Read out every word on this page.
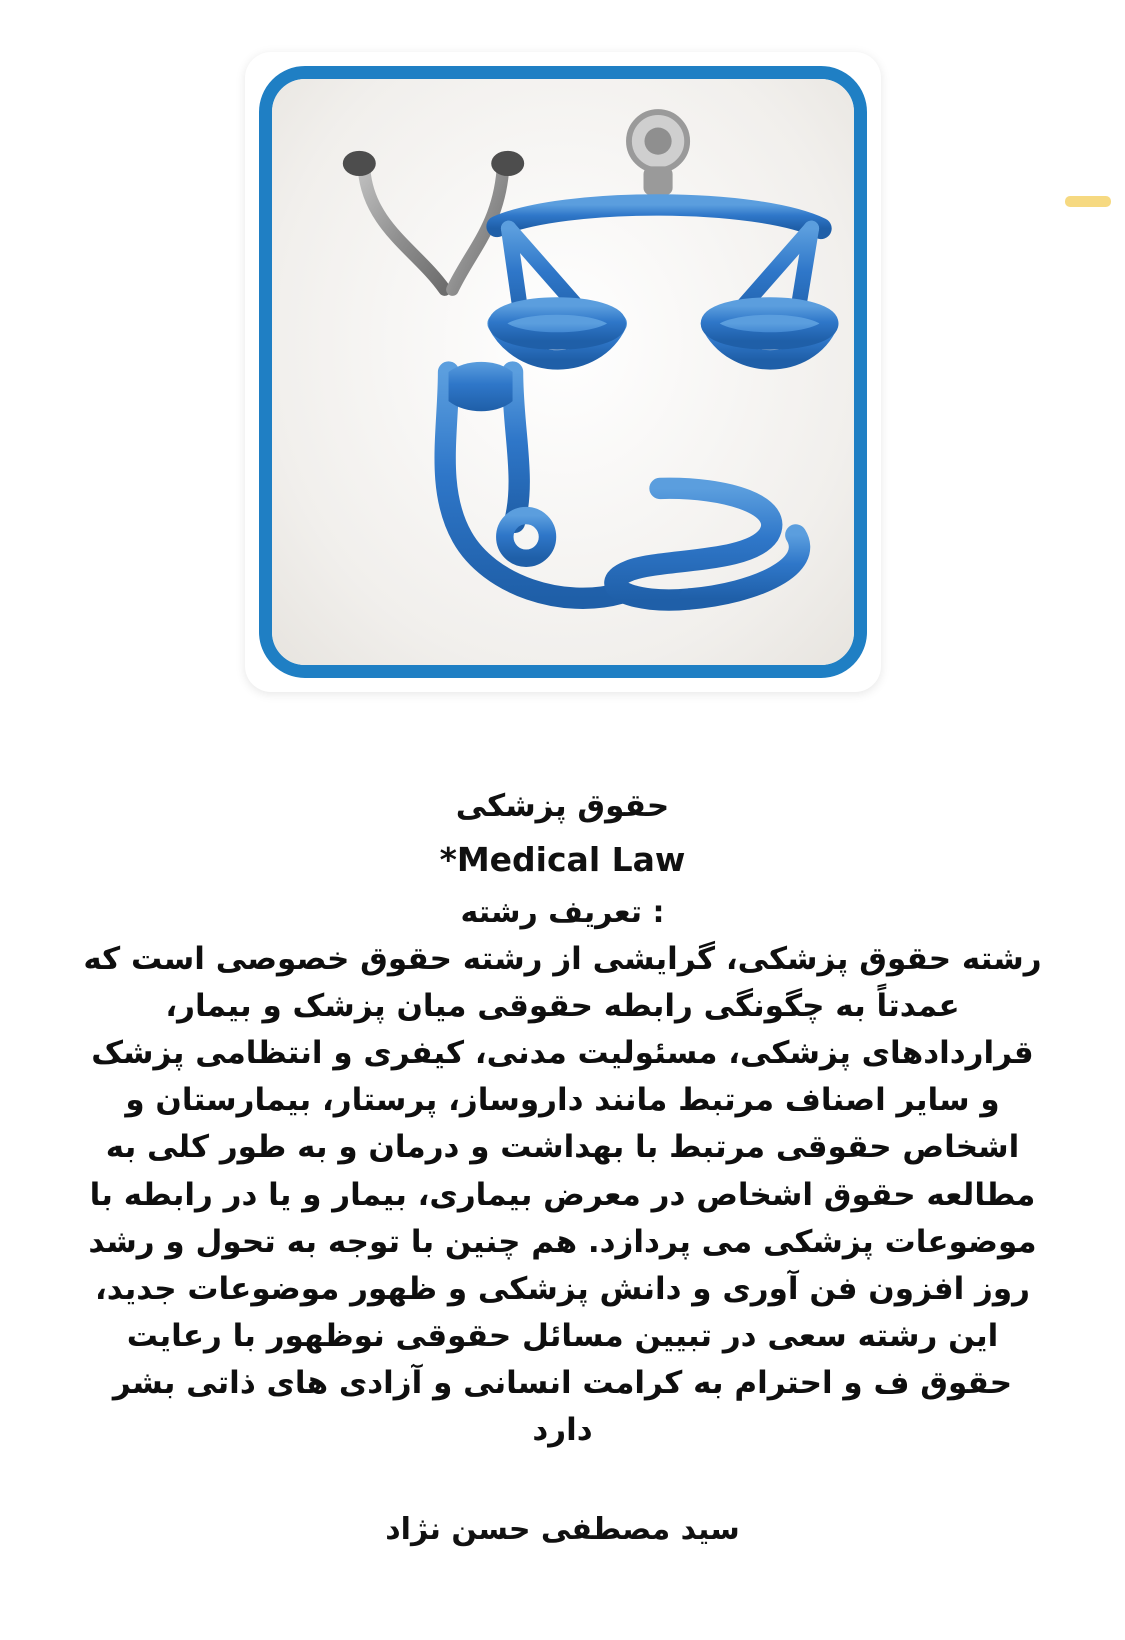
حقوق پزشکی
*Medical Law
: تعریف رشته
رشته حقوق پزشکی، گرایشی از رشته حقوق خصوصی است که عمدتاً به چگونگی رابطه حقوقی میان پزشک و بیمار، قراردادهای پزشکی، مسئولیت مدنی، کیفری و انتظامی پزشک و سایر اصناف مرتبط مانند داروساز، پرستار، بیمارستان و اشخاص حقوقی مرتبط با بهداشت و درمان و به طور کلی به مطالعه حقوق اشخاص در معرض بیماری، بیمار و یا در رابطه با موضوعات پزشکی می پردازد. هم چنین با توجه به تحول و رشد روز افزون فن آوری و دانش پزشکی و ظهور موضوعات جدید، این رشته سعی در تبیین مسائل حقوقی نوظهور با رعایت حقوق ف و احترام به کرامت انسانی و آزادی های ذاتی بشر دارد
سید مصطفی حسن نژاد
